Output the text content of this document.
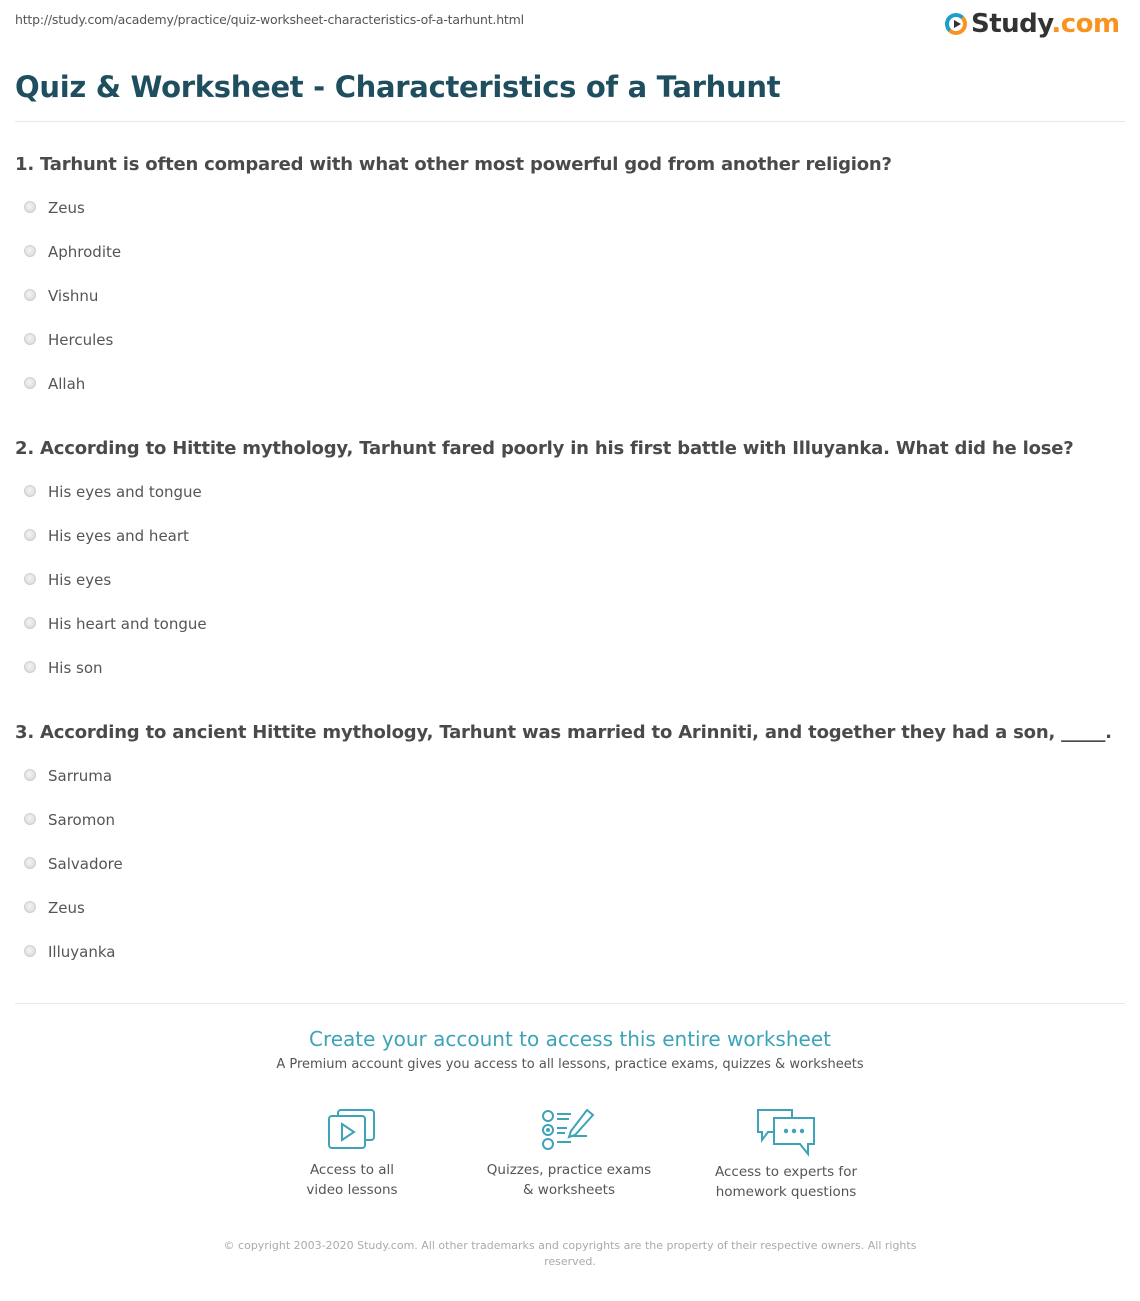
http://study.com/academy/practice/quiz-worksheet-characteristics-of-a-tarhunt.html	Study.com
Quiz & Worksheet - Characteristics of a Tarhunt
1. Tarhunt is often compared with what other most powerful god from another religion?
Zeus
Aphrodite
Vishnu
Hercules
Allah
2. According to Hittite mythology, Tarhunt fared poorly in his first battle with Illuyanka. What did he lose?
His eyes and tongue
His eyes and heart
His eyes
His heart and tongue
His son
3. According to ancient Hittite mythology, Tarhunt was married to Arinniti, and together they had a son, _____.
Sarruma
Saromon
Salvadore
Zeus
Illuyanka
Create your account to access this entire worksheet
A Premium account gives you access to all lessons, practice exams, quizzes & worksheets
Access to all
video lessons
Quizzes, practice exams
& worksheets
Access to experts for
homework questions
© copyright 2003-2020 Study.com. All other trademarks and copyrights are the property of their respective owners. All rights reserved.
